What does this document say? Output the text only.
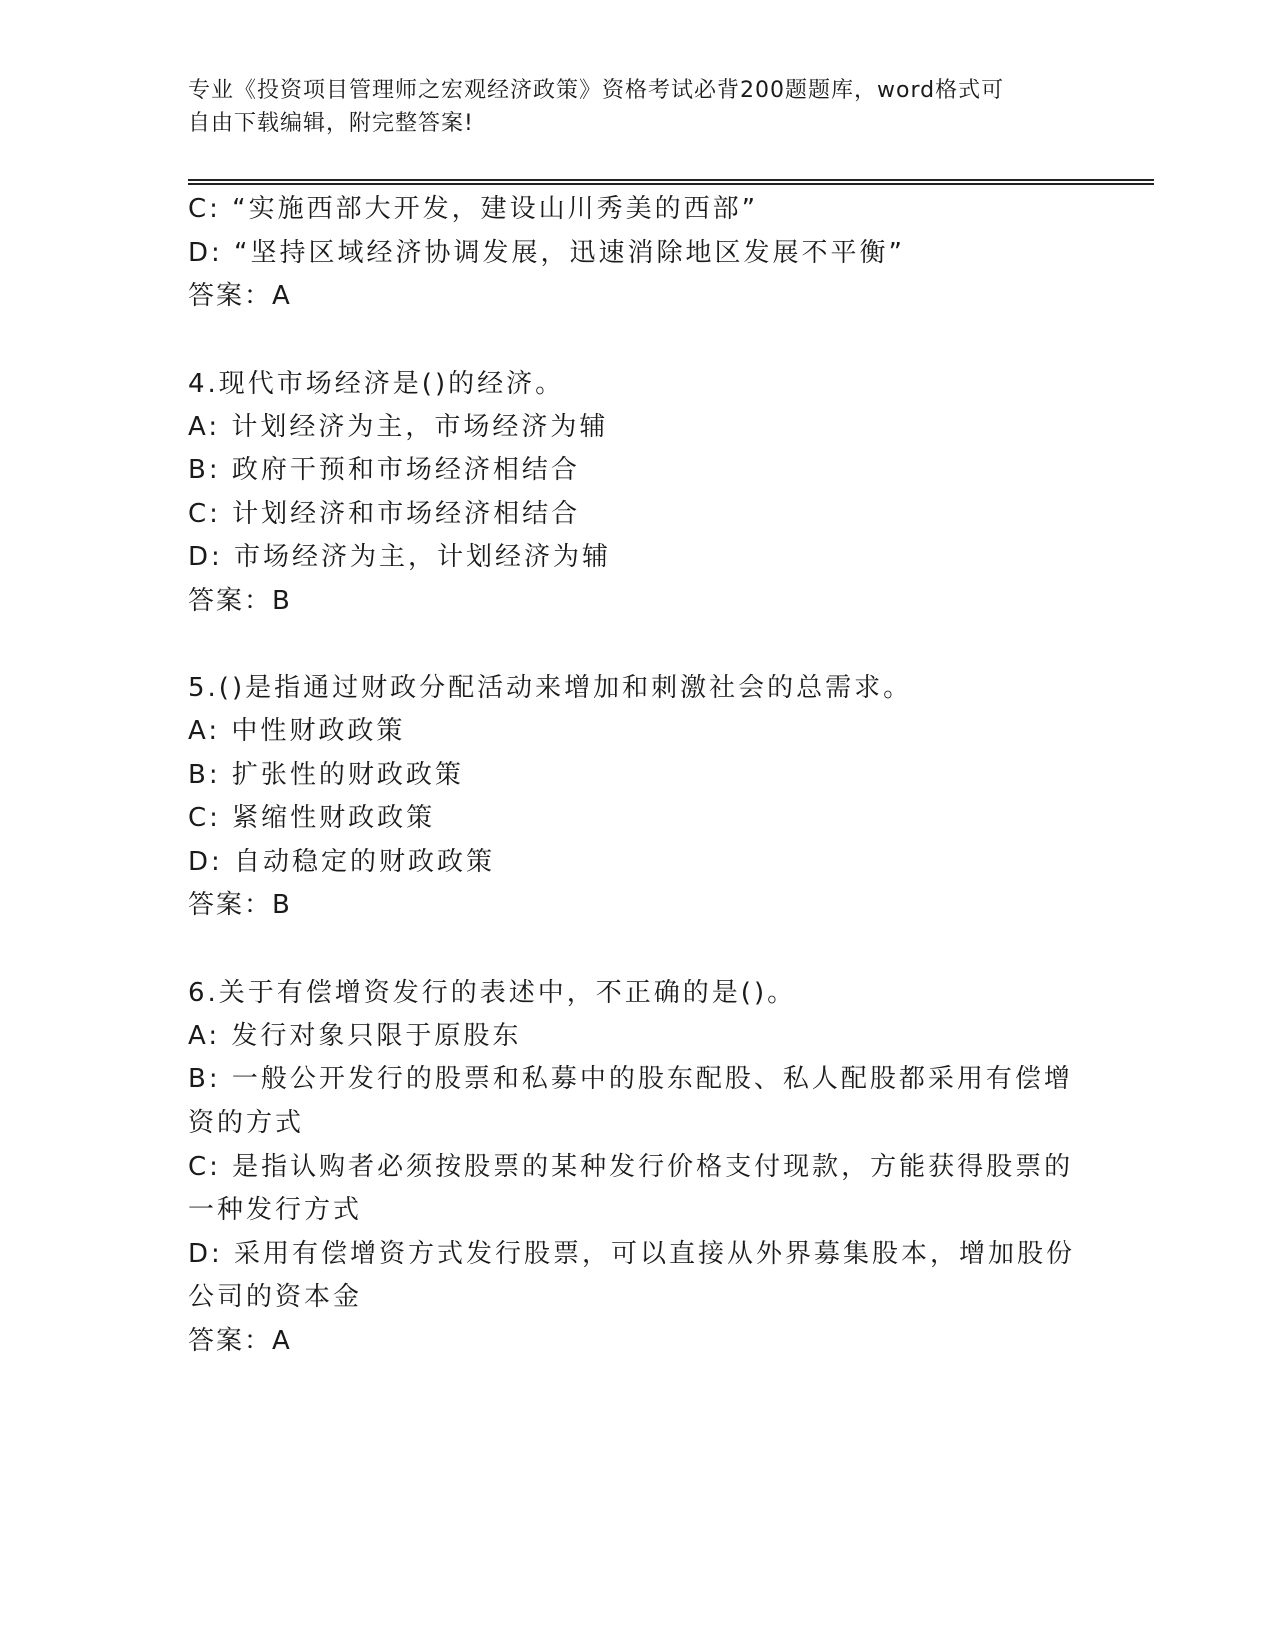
专业《投资项目管理师之宏观经济政策》资格考试必背200题题库，word格式可
自由下载编辑，附完整答案!
C: “实施西部大开发，建设山川秀美的西部”
D: “坚持区域经济协调发展，迅速消除地区发展不平衡”
答案：A
4.现代市场经济是()的经济。
A: 计划经济为主，市场经济为辅
B: 政府干预和市场经济相结合
C: 计划经济和市场经济相结合
D: 市场经济为主，计划经济为辅
答案：B
5.()是指通过财政分配活动来增加和刺激社会的总需求。
A: 中性财政政策
B: 扩张性的财政政策
C: 紧缩性财政政策
D: 自动稳定的财政政策
答案：B
6.关于有偿增资发行的表述中，不正确的是()。
A: 发行对象只限于原股东
B: 一般公开发行的股票和私募中的股东配股、私人配股都采用有偿增
资的方式
C: 是指认购者必须按股票的某种发行价格支付现款，方能获得股票的
一种发行方式
D: 采用有偿增资方式发行股票，可以直接从外界募集股本，增加股份
公司的资本金
答案：A
